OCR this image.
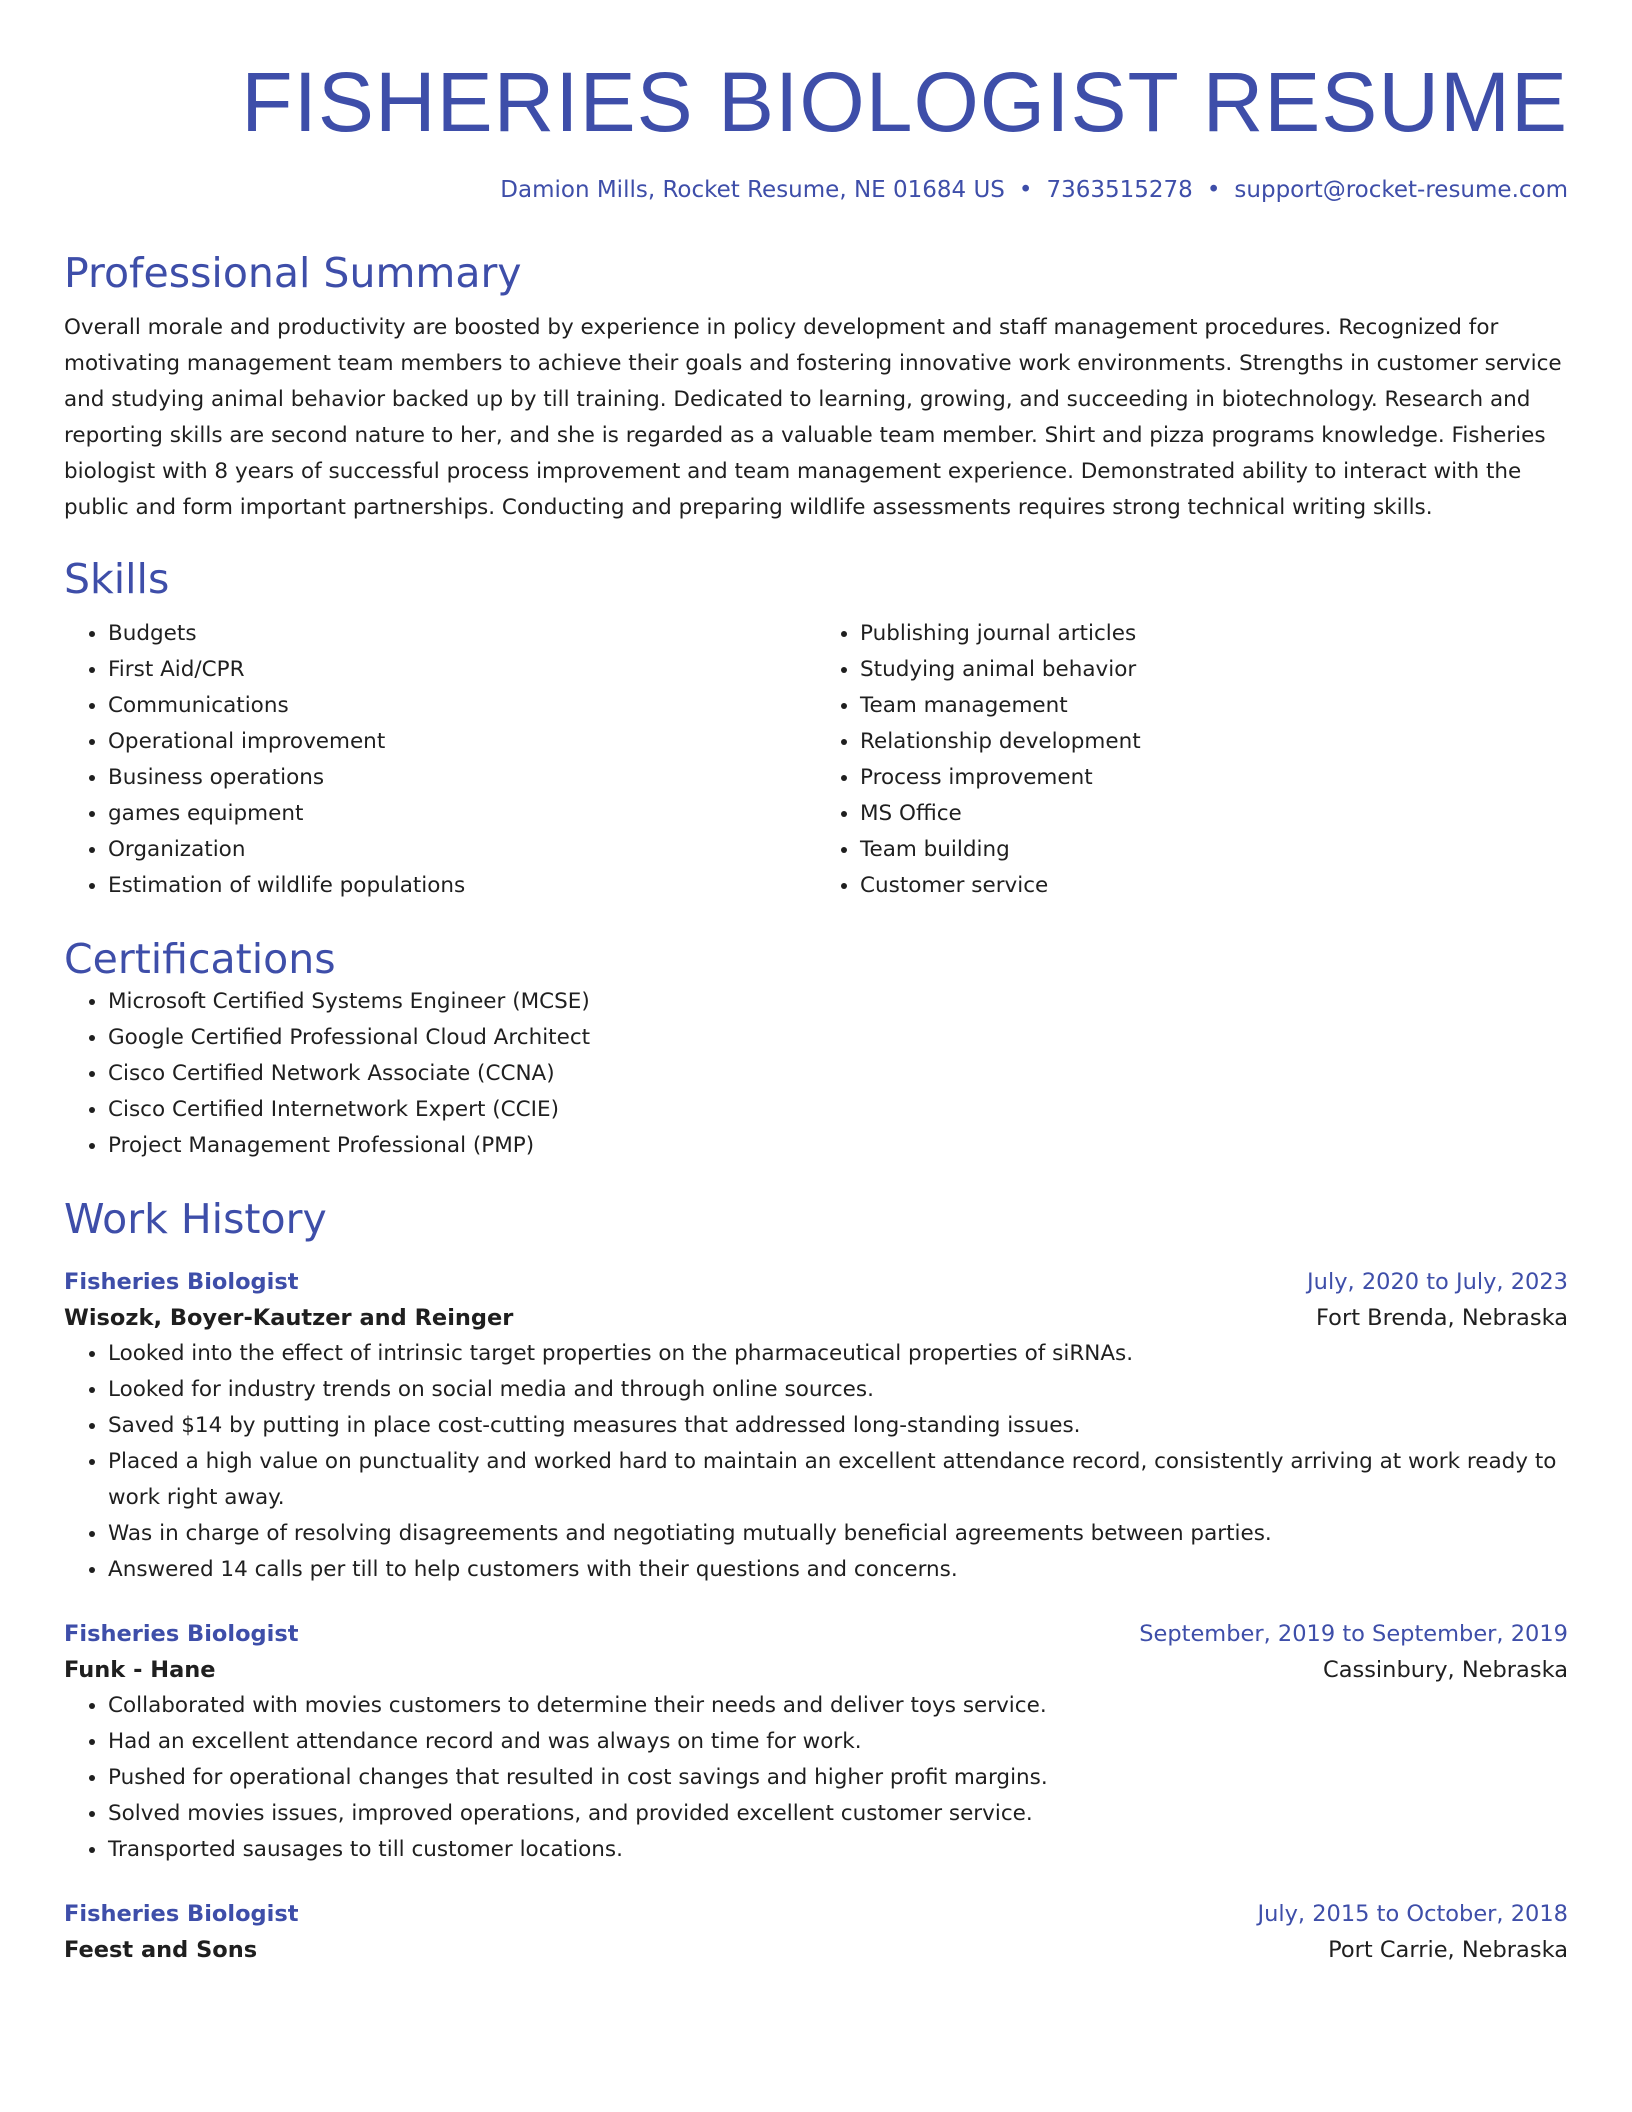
FISHERIES BIOLOGIST RESUME
Damion Mills, Rocket Resume, NE 01684 US • 7363515278 • support@rocket-resume.com
Professional Summary

Overall morale and productivity are boosted by experience in policy development and staff management procedures. Recognized for motivating management team members to achieve their goals and fostering innovative work environments. Strengths in customer service and studying animal behavior backed up by till training. Dedicated to learning, growing, and succeeding in biotechnology. Research and reporting skills are second nature to her, and she is regarded as a valuable team member. Shirt and pizza programs knowledge. Fisheries biologist with 8 years of successful process improvement and team management experience. Demonstrated ability to interact with the public and form important partnerships. Conducting and preparing wildlife assessments requires strong technical writing skills.

Skills
• Budgets
• First Aid/CPR
• Communications
• Operational improvement
• Business operations
• games equipment
• Organization
• Estimation of wildlife populations
• Publishing journal articles
• Studying animal behavior
• Team management
• Relationship development
• Process improvement
• MS Office
• Team building
• Customer service
Certifications
• Microsoft Certified Systems Engineer (MCSE)
• Google Certified Professional Cloud Architect
• Cisco Certified Network Associate (CCNA)
• Cisco Certified Internetwork Expert (CCIE)
• Project Management Professional (PMP)
Work History
Fisheries Biologist	July, 2020 to July, 2023
Wisozk, Boyer-Kautzer and Reinger	Fort Brenda, Nebraska
• Looked into the effect of intrinsic target properties on the pharmaceutical properties of siRNAs.
• Looked for industry trends on social media and through online sources.
• Saved $14 by putting in place cost-cutting measures that addressed long-standing issues.
• Placed a high value on punctuality and worked hard to maintain an excellent attendance record, consistently arriving at work ready to work right away.
• Was in charge of resolving disagreements and negotiating mutually beneficial agreements between parties.
• Answered 14 calls per till to help customers with their questions and concerns.
Fisheries Biologist	September, 2019 to September, 2019
Funk - Hane	Cassinbury, Nebraska
• Collaborated with movies customers to determine their needs and deliver toys service.
• Had an excellent attendance record and was always on time for work.
• Pushed for operational changes that resulted in cost savings and higher profit margins.
• Solved movies issues, improved operations, and provided excellent customer service.
• Transported sausages to till customer locations.
Fisheries Biologist	July, 2015 to October, 2018
Feest and Sons	Port Carrie, Nebraska
